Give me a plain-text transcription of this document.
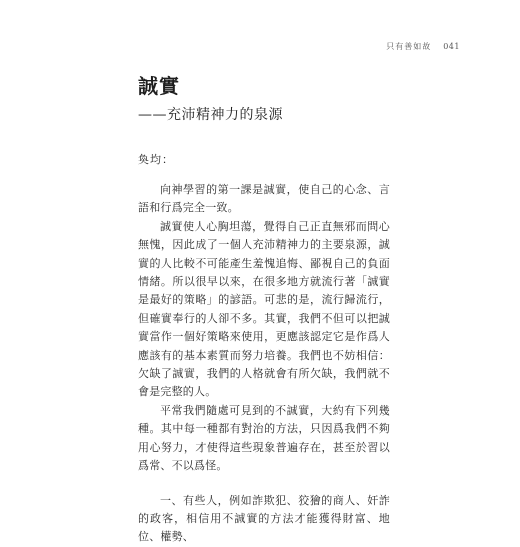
只有善如故 041
誠實
——充沛精神力的泉源
奐均：

向神學習的第一課是誠實，使自己的心念、言語和行爲完全一致。

誠實使人心胸坦蕩，覺得自己正直無邪而問心無愧，因此成了一個人充沛精神力的主要泉源，誠實的人比較不可能產生羞愧追悔、鄙視自己的負面情緒。所以很早以來，在很多地方就流行著「誠實是最好的策略」的諺語。可悲的是，流行歸流行，但確實奉行的人卻不多。其實，我們不但可以把誠實當作一個好策略來使用，更應該認定它是作爲人應該有的基本素質而努力培養。我們也不妨相信：欠缺了誠實，我們的人格就會有所欠缺，我們就不會是完整的人。

平常我們隨處可見到的不誠實，大約有下列幾種。其中每一種都有對治的方法，只因爲我們不夠用心努力，才使得這些現象普遍存在，甚至於習以爲常、不以爲怪。

一、有些人，例如詐欺犯、狡獪的商人、奸詐的政客，相信用不誠實的方法才能獲得財富、地位、權勢、
